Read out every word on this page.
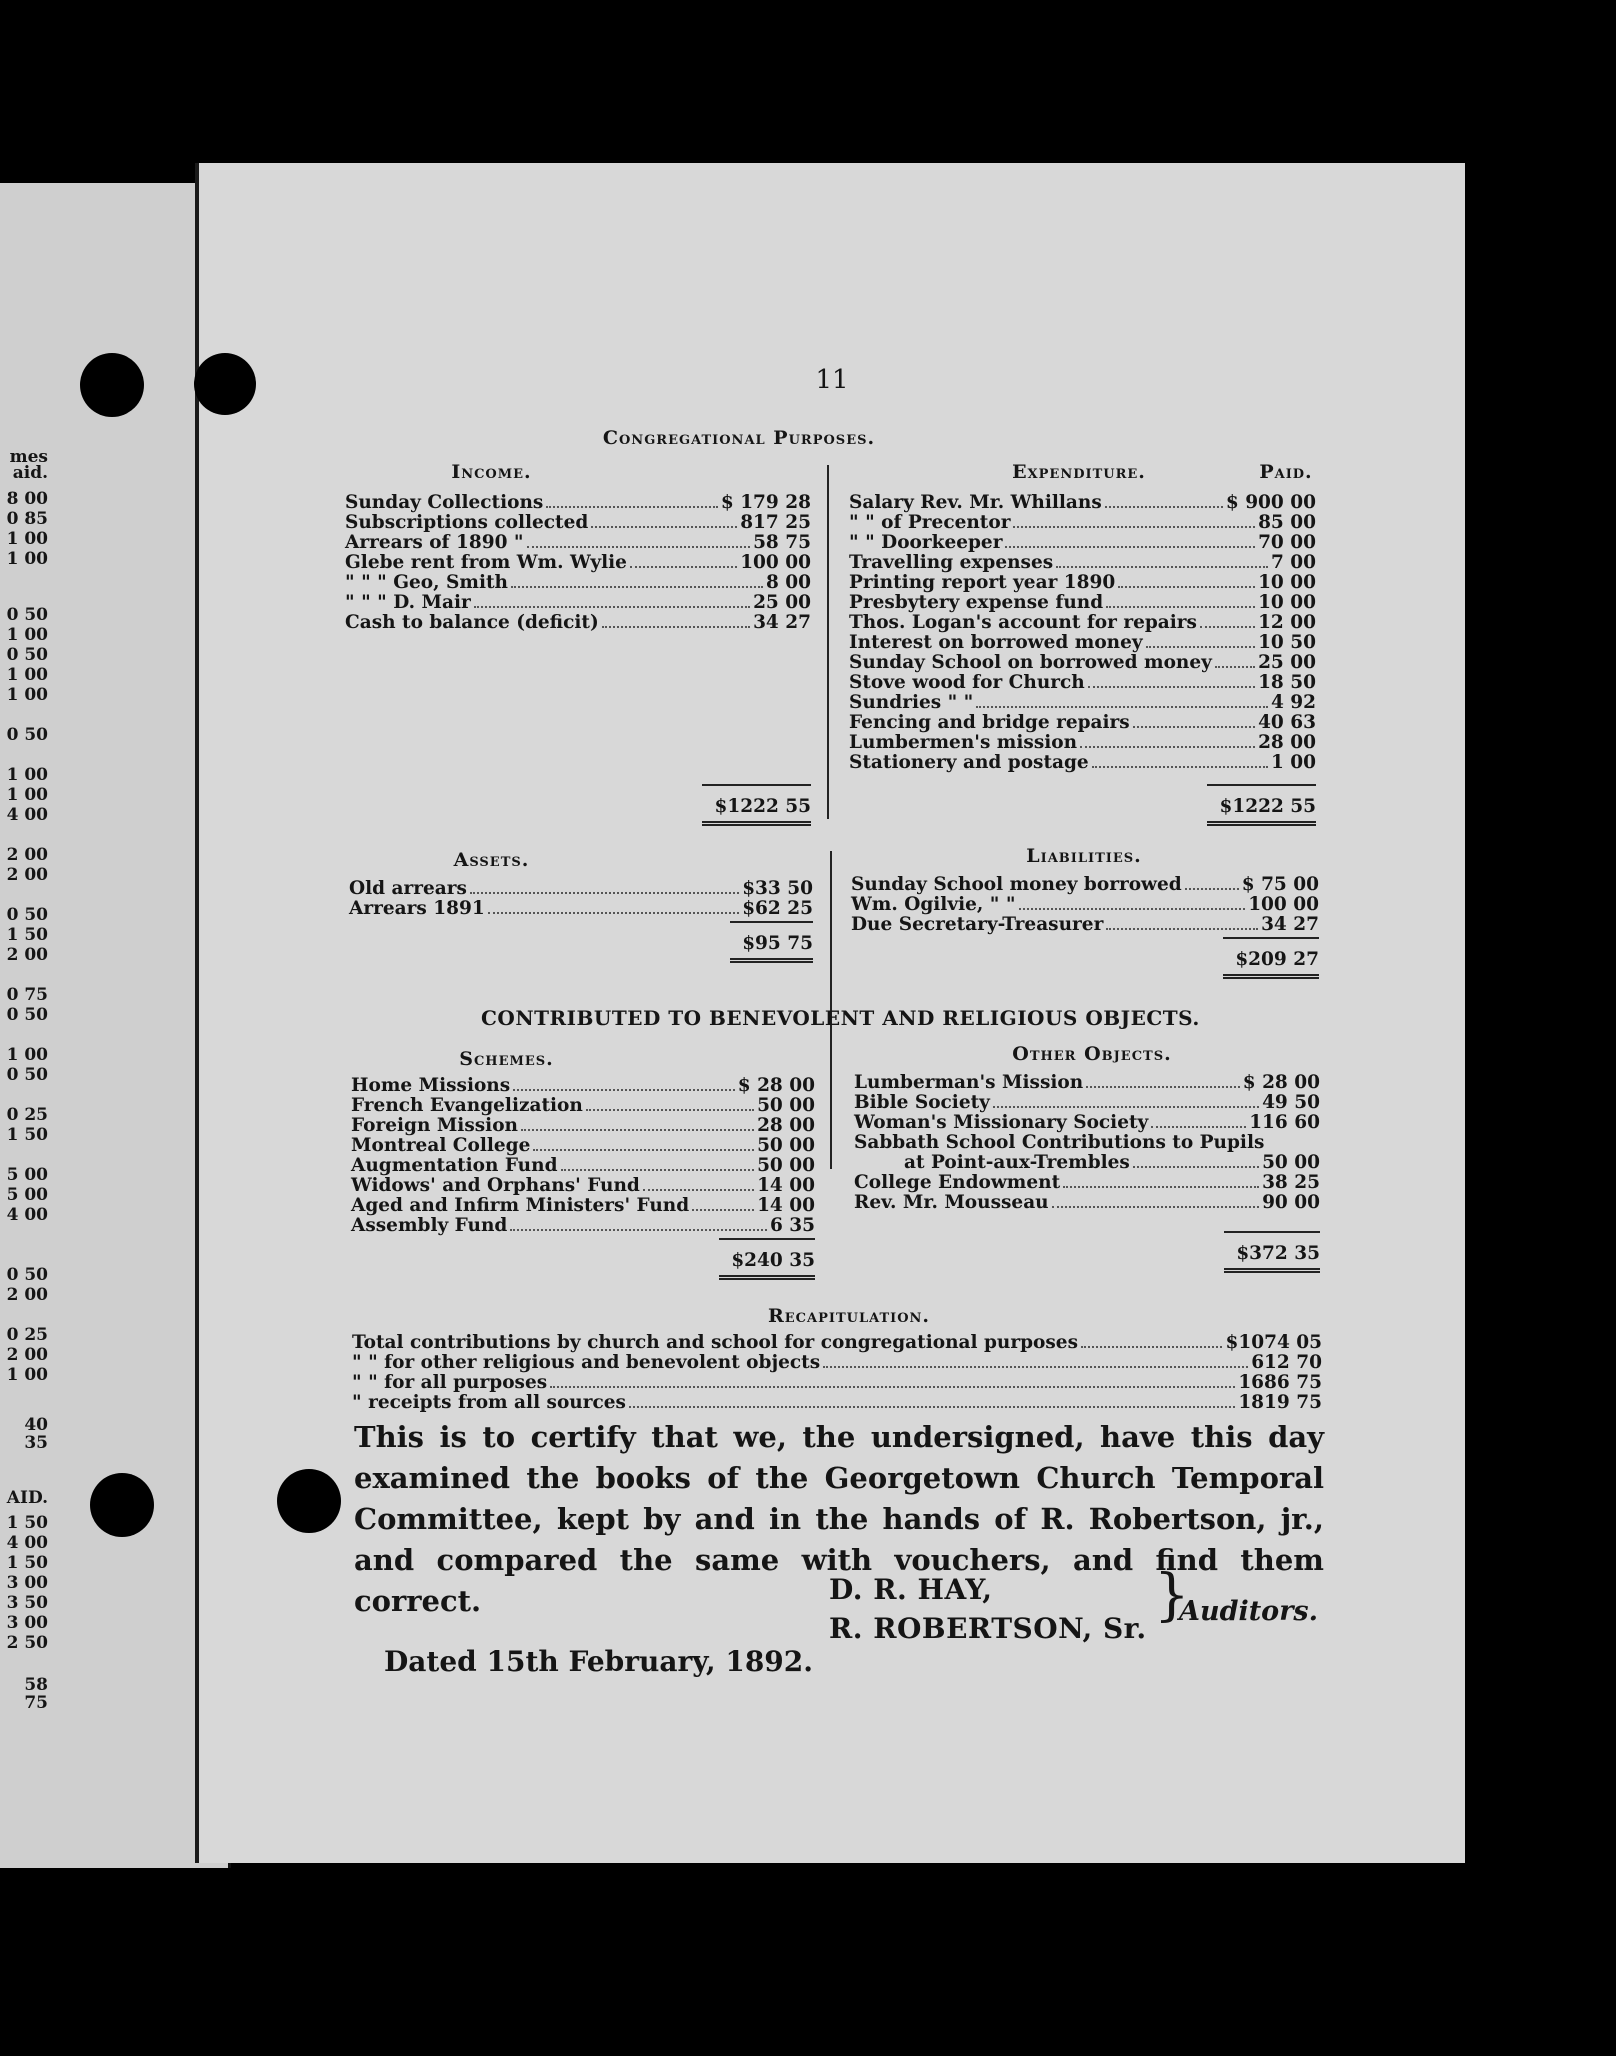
mes
aid.
8 00
0 85
1 00
1 00
0 50
1 00
0 50
1 00
1 00
0 50
1 00
1 00
4 00
2 00
2 00
0 50
1 50
2 00
0 75
0 50
1 00
0 50
0 25
1 50
5 00
5 00
4 00
0 50
2 00
0 25
2 00
1 00
40 35
AID.
1 50
4 00
1 50
3 00
3 50
3 00
2 50
58 75
11
Congregational Purposes.
Income.
Sunday Collections	$ 179 28
Subscriptions collected	817 25
Arrears of 1890 "	58 75
Glebe rent from Wm. Wylie	100 00
" " " Geo, Smith	8 00
" " " D. Mair	25 00
Cash to balance (deficit)	34 27
$1222 55
Expenditure.	Paid.
Salary Rev. Mr. Whillans	$ 900 00
" " of Precentor	85 00
" " Doorkeeper	70 00
Travelling expenses	7 00
Printing report year 1890	10 00
Presbytery expense fund	10 00
Thos. Logan's account for repairs	12 00
Interest on borrowed money	10 50
Sunday School on borrowed money 25 00
Stove wood for Church	18 50
Sundries " "	4 92
Fencing and bridge repairs	40 63
Lumbermen's mission	28 00
Stationery and postage	1 00
$1222 55
Assets.
Old arrears	$33 50
Arrears 1891	$62 25
$95 75
Liabilities.
Sunday School money borrowed	$ 75 00
Wm. Ogilvie, " "	100 00
Due Secretary-Treasurer	34 27
$209 27
CONTRIBUTED TO BENEVOLENT AND RELIGIOUS OBJECTS.
Schemes.
Home Missions	$ 28 00
French Evangelization	50 00
Foreign Mission	28 00
Montreal College	50 00
Augmentation Fund	50 00
Widows' and Orphans' Fund	14 00
Aged and Infirm Ministers' Fund	14 00
Assembly Fund	6 35
$240 35
Other Objects.
Lumberman's Mission	$ 28 00
Bible Society	49 50
Woman's Missionary Society	116 60
Sabbath School Contributions to Pupils
at Point-aux-Trembles	50 00
College Endowment	38 25
Rev. Mr. Mousseau	90 00
$372 35
Recapitulation.
Total contributions by church and school for congregational purposes	$1074 05
" " for other religious and benevolent objects	612 70
" " for all purposes	1686 75
" receipts from all sources	1819 75
This is to certify that we, the undersigned, have this day examined the books of the Georgetown Church Temporal Committee, kept by and in the hands of R. Robertson, jr., and compared the same with vouchers, and find them correct.	D. R. HAY,
R. ROBERTSON, Sr.
}
Auditors.
Dated 15th February, 1892.
